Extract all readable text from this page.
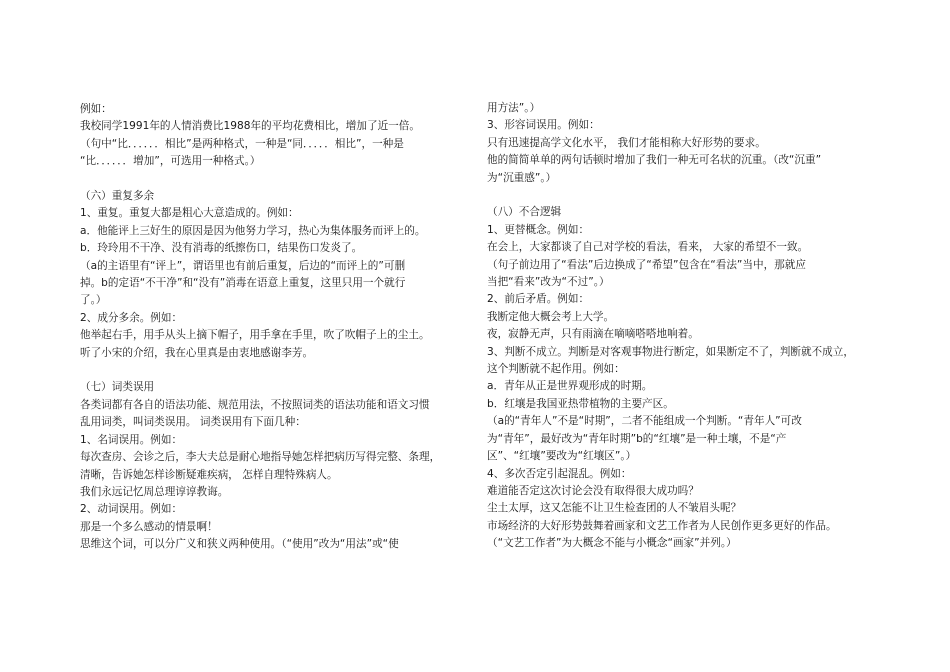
例如：
我校同学1991年的人情消费比1988年的平均花费相比，增加了近一倍。
（句中“比．．．．．．相比”是两种格式，一种是“同．．．．．相比”，一种是
“比．．．．．．增加”，可选用一种格式。）
（六）重复多余
1、重复。重复大都是粗心大意造成的。例如：
a．他能评上三好生的原因是因为他努力学习，热心为集体服务而评上的。
b．玲玲用不干净、没有消毒的纸擦伤口，结果伤口发炎了。
（a的主语里有“评上”，谓语里也有前后重复，后边的“而评上的”可删
掉。b的定语“不干净”和“没有”消毒在语意上重复，这里只用一个就行
了。）
2、成分多余。例如：
他举起右手，用手从头上摘下帽子，用手拿在手里，吹了吹帽子上的尘土。
听了小宋的介绍，我在心里真是由衷地感谢李芳。
（七）词类误用
各类词都有各自的语法功能、规范用法，不按照词类的语法功能和语文习惯
乱用词类，叫词类误用。 词类误用有下面几种：
1、名词误用。例如：
每次查房、会诊之后，李大夫总是耐心地指导她怎样把病历写得完整、条理，
清晰，告诉她怎样诊断疑难疾病， 怎样自理特殊病人。
我们永远记忆周总理谆谆教诲。
2、动词误用。例如：
那是一个多么感动的情景啊！
思维这个词，可以分广义和狭义两种使用。（“使用”改为“用法”或“使
用方法”。）
3、形容词误用。例如：
只有迅速提高学文化水平， 我们才能相称大好形势的要求。
他的简简单单的两句话顿时增加了我们一种无可名状的沉重。（改“沉重”
为“沉重感”。）
（八）不合逻辑
1、更替概念。例如：
在会上，大家都谈了自己对学校的看法，看来， 大家的希望不一致。
（句子前边用了“看法”后边换成了“希望”包含在“看法”当中，那就应
当把“看来”改为“不过”。）
2、前后矛盾。例如：
我断定他大概会考上大学。
夜，寂静无声，只有雨滴在嘀嘀嗒嗒地响着。
3、判断不成立。判断是对客观事物进行断定，如果断定不了，判断就不成立，
这个判断就不起作用。例如：
a．青年从正是世界观形成的时期。
b．红壤是我国亚热带植物的主要产区。
（a的“青年人”不是“时期”，二者不能组成一个判断。“青年人”可改
为“青年”，最好改为“青年时期”b的“红壤”是一种土壤，不是“产
区”、“红壤”要改为“红壤区”。）
4、多次否定引起混乱。例如：
难道能否定这次讨论会没有取得很大成功吗？
尘土太厚，这又怎能不让卫生检查团的人不皱眉头呢？
市场经济的大好形势鼓舞着画家和文艺工作者为人民创作更多更好的作品。
（“文艺工作者”为大概念不能与小概念“画家”并列。）
